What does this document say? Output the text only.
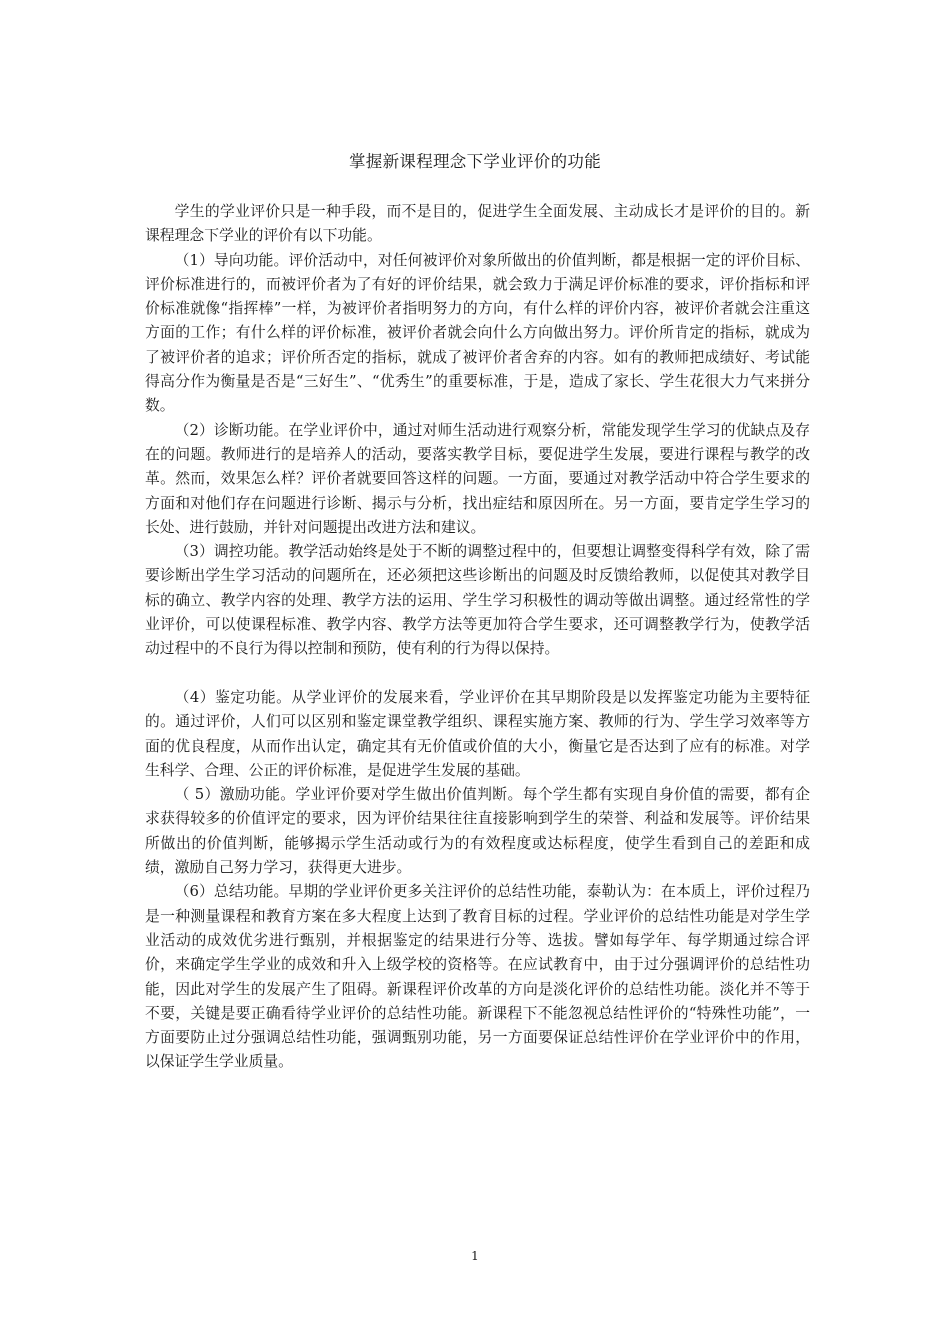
掌握新课程理念下学业评价的功能

学生的学业评价只是一种手段，而不是目的，促进学生全面发展、主动成长才是评价的目的。新课程理念下学业的评价有以下功能。

（1）导向功能。评价活动中，对任何被评价对象所做出的价值判断，都是根据一定的评价目标、评价标准进行的，而被评价者为了有好的评价结果，就会致力于满足评价标准的要求，评价指标和评价标准就像“指挥棒”一样，为被评价者指明努力的方向，有什么样的评价内容，被评价者就会注重这方面的工作；有什么样的评价标准，被评价者就会向什么方向做出努力。评价所肯定的指标，就成为了被评价者的追求；评价所否定的指标，就成了被评价者舍弃的内容。如有的教师把成绩好、考试能得高分作为衡量是否是“三好生”、“优秀生”的重要标准，于是，造成了家长、学生花很大力气来拼分数。

（2）诊断功能。在学业评价中，通过对师生活动进行观察分析，常能发现学生学习的优缺点及存在的问题。教师进行的是培养人的活动，要落实教学目标，要促进学生发展，要进行课程与教学的改革。然而，效果怎么样？评价者就要回答这样的问题。一方面，要通过对教学活动中符合学生要求的方面和对他们存在问题进行诊断、揭示与分析，找出症结和原因所在。另一方面，要肯定学生学习的长处、进行鼓励，并针对问题提出改进方法和建议。

（3）调控功能。教学活动始终是处于不断的调整过程中的，但要想让调整变得科学有效，除了需要诊断出学生学习活动的问题所在，还必须把这些诊断出的问题及时反馈给教师，以促使其对教学目标的确立、教学内容的处理、教学方法的运用、学生学习积极性的调动等做出调整。通过经常性的学业评价，可以使课程标准、教学内容、教学方法等更加符合学生要求，还可调整教学行为，使教学活动过程中的不良行为得以控制和预防，使有利的行为得以保持。

（4）鉴定功能。从学业评价的发展来看，学业评价在其早期阶段是以发挥鉴定功能为主要特征的。通过评价，人们可以区别和鉴定课堂教学组织、课程实施方案、教师的行为、学生学习效率等方面的优良程度，从而作出认定，确定其有无价值或价值的大小，衡量它是否达到了应有的标准。对学生科学、合理、公正的评价标准，是促进学生发展的基础。

（ 5）激励功能。学业评价要对学生做出价值判断。每个学生都有实现自身价值的需要，都有企求获得较多的价值评定的要求，因为评价结果往往直接影响到学生的荣誉、利益和发展等。评价结果所做出的价值判断，能够揭示学生活动或行为的有效程度或达标程度，使学生看到自己的差距和成绩，激励自己努力学习，获得更大进步。

（6）总结功能。早期的学业评价更多关注评价的总结性功能，泰勒认为：在本质上，评价过程乃是一种测量课程和教育方案在多大程度上达到了教育目标的过程。学业评价的总结性功能是对学生学业活动的成效优劣进行甄别，并根据鉴定的结果进行分等、选拔。譬如每学年、每学期通过综合评价，来确定学生学业的成效和升入上级学校的资格等。在应试教育中，由于过分强调评价的总结性功能，因此对学生的发展产生了阻碍。新课程评价改革的方向是淡化评价的总结性功能。淡化并不等于不要，关键是要正确看待学业评价的总结性功能。新课程下不能忽视总结性评价的“特殊性功能”，一方面要防止过分强调总结性功能，强调甄别功能，另一方面要保证总结性评价在学业评价中的作用，以保证学生学业质量。

1
